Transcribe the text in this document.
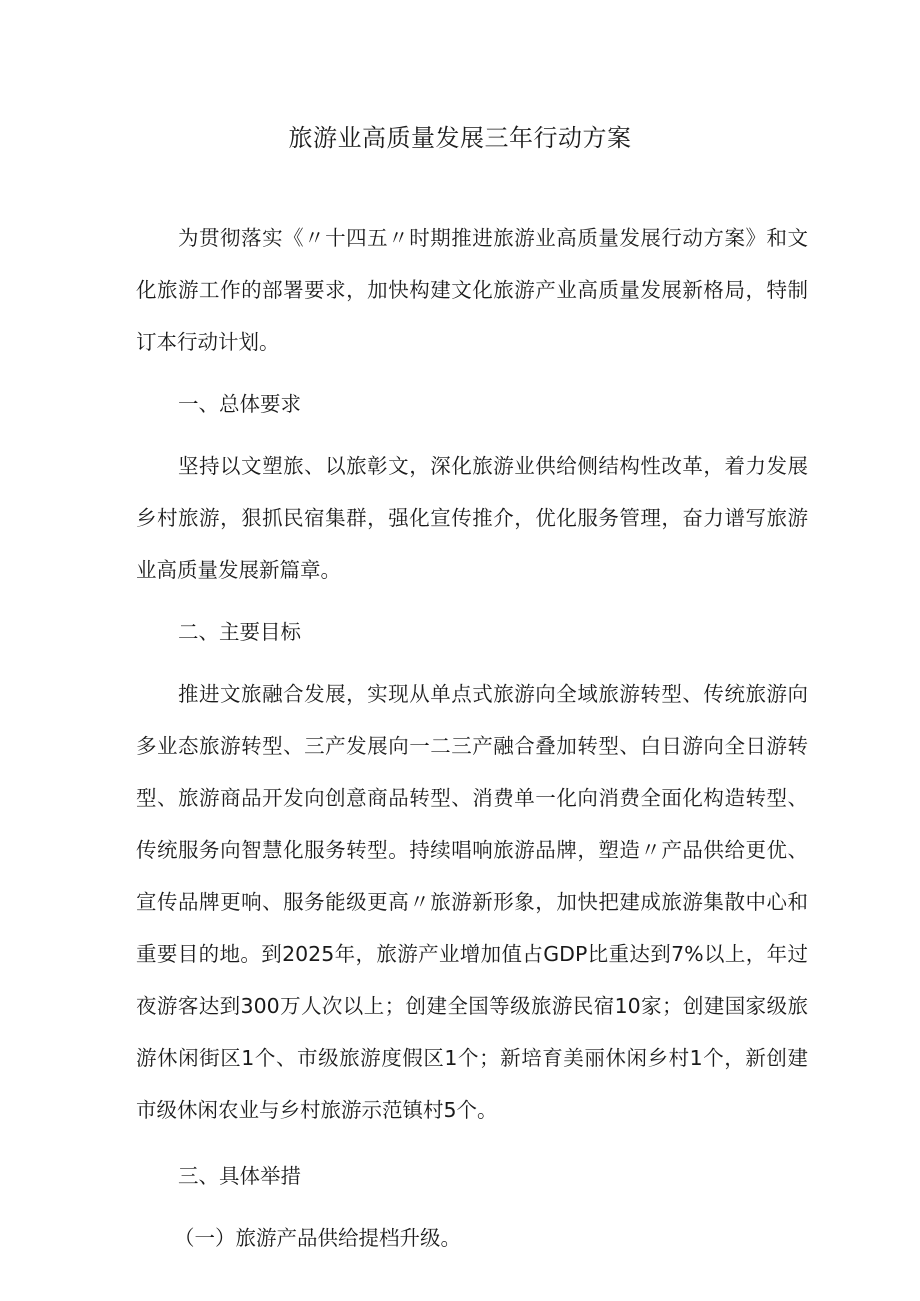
旅游业高质量发展三年行动方案

为贯彻落实《〃十四五〃时期推进旅游业高质量发展行动方案》和文化旅游工作的部署要求，加快构建文化旅游产业高质量发展新格局，特制订本行动计划。

一、总体要求

坚持以文塑旅、以旅彰文，深化旅游业供给侧结构性改革，着力发展乡村旅游，狠抓民宿集群，强化宣传推介，优化服务管理，奋力谱写旅游业高质量发展新篇章。

二、主要目标

推进文旅融合发展，实现从单点式旅游向全域旅游转型、传统旅游向多业态旅游转型、三产发展向一二三产融合叠加转型、白日游向全日游转型、旅游商品开发向创意商品转型、消费单一化向消费全面化构造转型、传统服务向智慧化服务转型。持续唱响旅游品牌，塑造〃产品供给更优、宣传品牌更响、服务能级更高〃旅游新形象，加快把建成旅游集散中心和重要目的地。到2025年，旅游产业增加值占GDP比重达到7%以上，年过夜游客达到300万人次以上；创建全国等级旅游民宿10家；创建国家级旅游休闲街区1个、市级旅游度假区1个；新培育美丽休闲乡村1个，新创建市级休闲农业与乡村旅游示范镇村5个。

三、具体举措

（一）旅游产品供给提档升级。
